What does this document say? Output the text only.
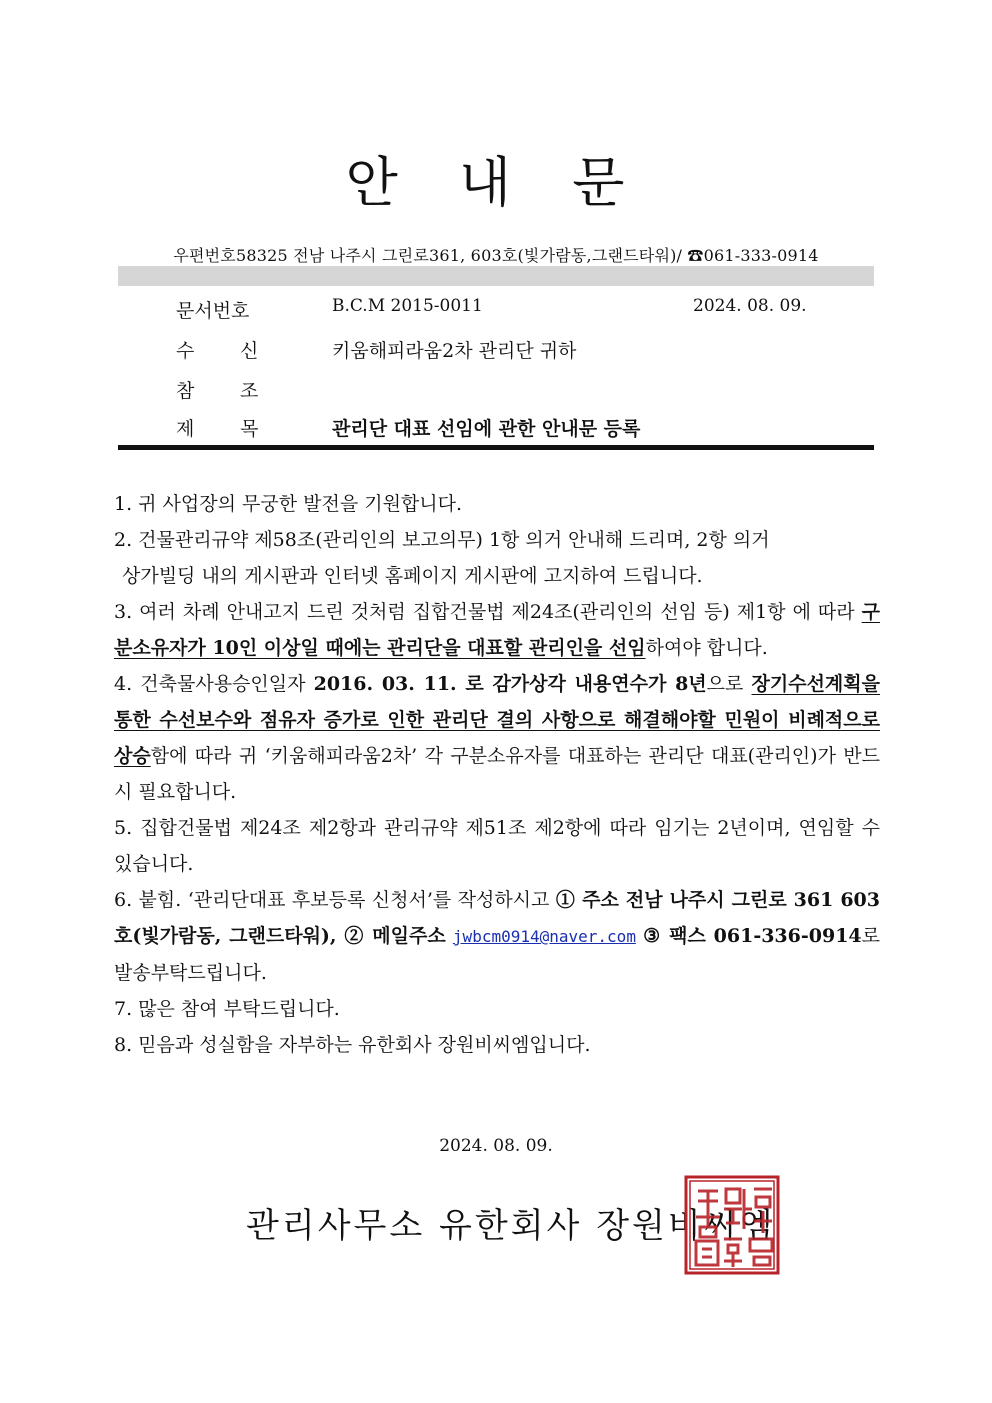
안 내 문
우편번호58325 전남 나주시 그린로361, 603호(빛가람동,그랜드타워)/ ☎061-333-0914
문서번호	B.C.M 2015-0011	2024. 08. 09.
수 신	키움해피라움2차 관리단 귀하
참 조
제 목	관리단 대표 선임에 관한 안내문 등록

1. 귀 사업장의 무궁한 발전을 기원합니다.

2. 건물관리규약 제58조(관리인의 보고의무) 1항 의거 안내해 드리며, 2항 의거
상가빌딩 내의 게시판과 인터넷 홈페이지 게시판에 고지하여 드립니다.

3. 여러 차례 안내고지 드린 것처럼 집합건물법 제24조(관리인의 선임 등) 제1항 에 따라 구분소유자가 10인 이상일 때에는 관리단을 대표할 관리인을 선임하여야 합니다.

4. 건축물사용승인일자 2016. 03. 11. 로 감가상각 내용연수가 8년으로 장기수선계획을 통한 수선보수와 점유자 증가로 인한 관리단 결의 사항으로 해결해야할 민원이 비례적으로 상승함에 따라 귀 ‘키움해피라움2차’ 각 구분소유자를 대표하는 관리단 대표(관리인)가 반드시 필요합니다.

5. 집합건물법 제24조 제2항과 관리규약 제51조 제2항에 따라 임기는 2년이며, 연임할 수 있습니다.

6. 붙힘. ‘관리단대표 후보등록 신청서’를 작성하시고 ① 주소 전남 나주시 그린로 361 603호(빛가람동, 그랜드타워), ② 메일주소 jwbcm0914@naver.com ③ 팩스 061-336-0914로 발송부탁드립니다.

7. 많은 참여 부탁드립니다.

8. 믿음과 성실함을 자부하는 유한회사 장원비씨엠입니다.

2024. 08. 09.
관리사무소 유한회사 장원비씨엠
